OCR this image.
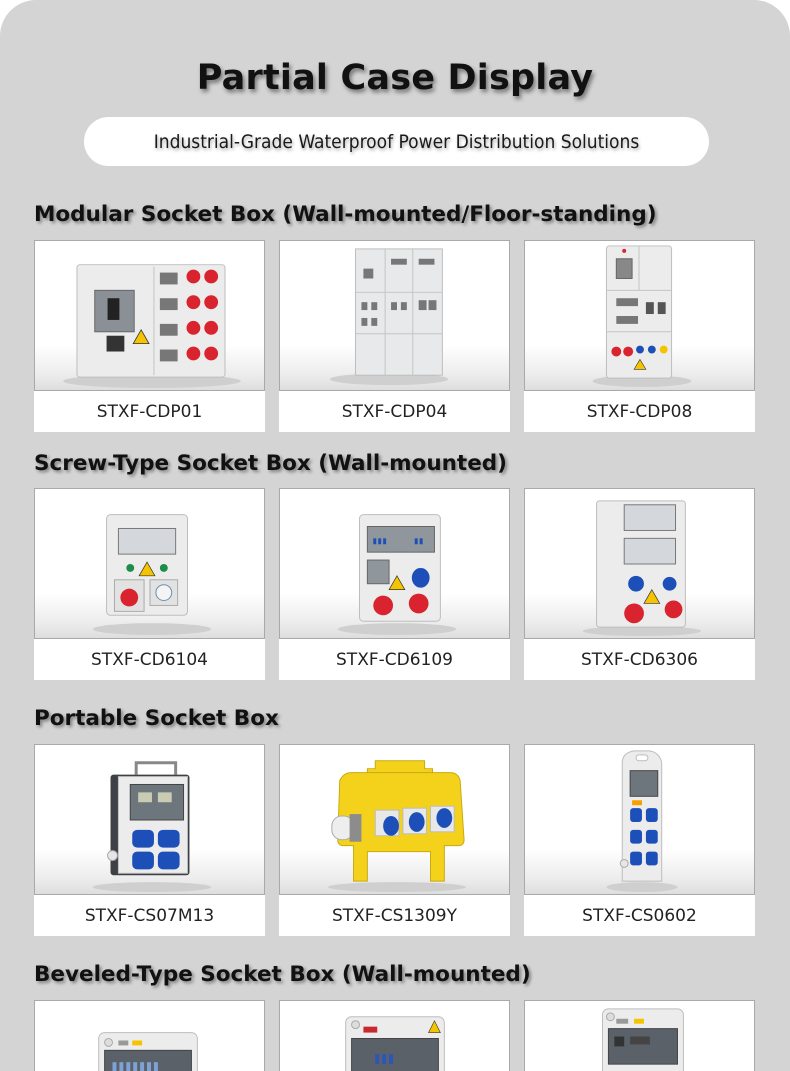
Partial Case Display
Industrial-Grade Waterproof Power Distribution Solutions
Modular Socket Box (Wall-mounted/Floor-standing)
STXF-CDP01	STXF-CDP04	STXF-CDP08
Screw-Type Socket Box (Wall-mounted)
STXF-CD6104	STXF-CD6109	STXF-CD6306
Portable Socket Box
STXF-CS07M13	STXF-CS1309Y	STXF-CS0602
Beveled-Type Socket Box (Wall-mounted)
